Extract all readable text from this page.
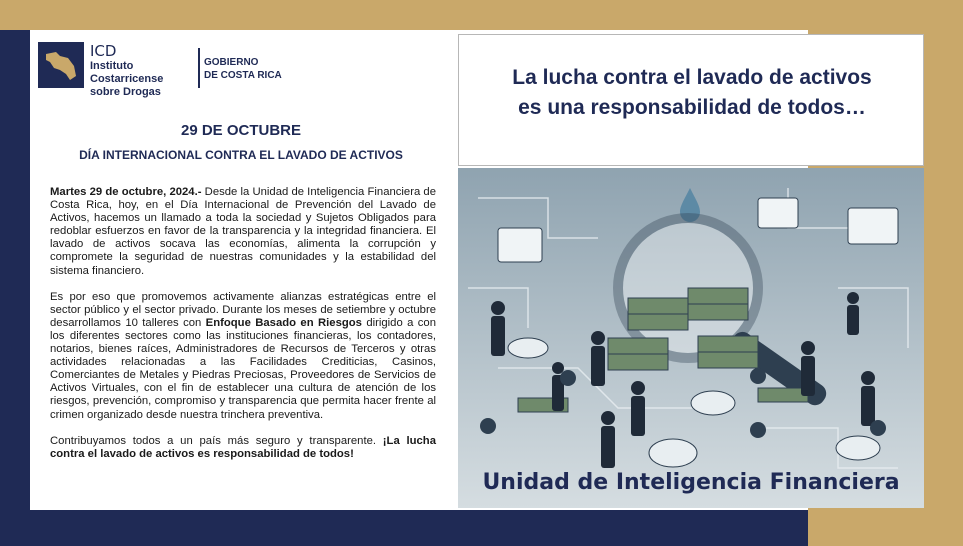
ICD
Instituto
Costarricense
sobre Drogas
GOBIERNO
DE COSTA RICA
29 DE OCTUBRE
DÍA INTERNACIONAL CONTRA EL LAVADO DE ACTIVOS

Martes 29 de octubre, 2024.- Desde la Unidad de Inteligencia Financiera de Costa Rica, hoy, en el Día Internacional de Prevención del Lavado de Activos, hacemos un llamado a toda la sociedad y Sujetos Obligados para redoblar esfuerzos en favor de la transparencia y la integridad financiera. El lavado de activos socava las economías, alimenta la corrupción y compromete la seguridad de nuestras comunidades y la estabilidad del sistema financiero.

Es por eso que promovemos activamente alianzas estratégicas entre el sector público y el sector privado. Durante los meses de setiembre y octubre desarrollamos 10 talleres con Enfoque Basado en Riesgos dirigido a con los diferentes sectores como las instituciones financieras, los contadores, notarios, bienes raíces, Administradores de Recursos de Terceros y otras actividades relacionadas a las Facilidades Crediticias, Casinos, Comerciantes de Metales y Piedras Preciosas, Proveedores de Servicios de Activos Virtuales, con el fin de establecer una cultura de atención de los riesgos, prevención, compromiso y transparencia que permita hacer frente al crimen organizado desde nuestra trinchera preventiva.

Contribuyamos todos a un país más seguro y transparente. ¡La lucha contra el lavado de activos es responsabilidad de todos!

La lucha contra el lavado de activos
es una responsabilidad de todos…
Unidad de Inteligencia Financiera
